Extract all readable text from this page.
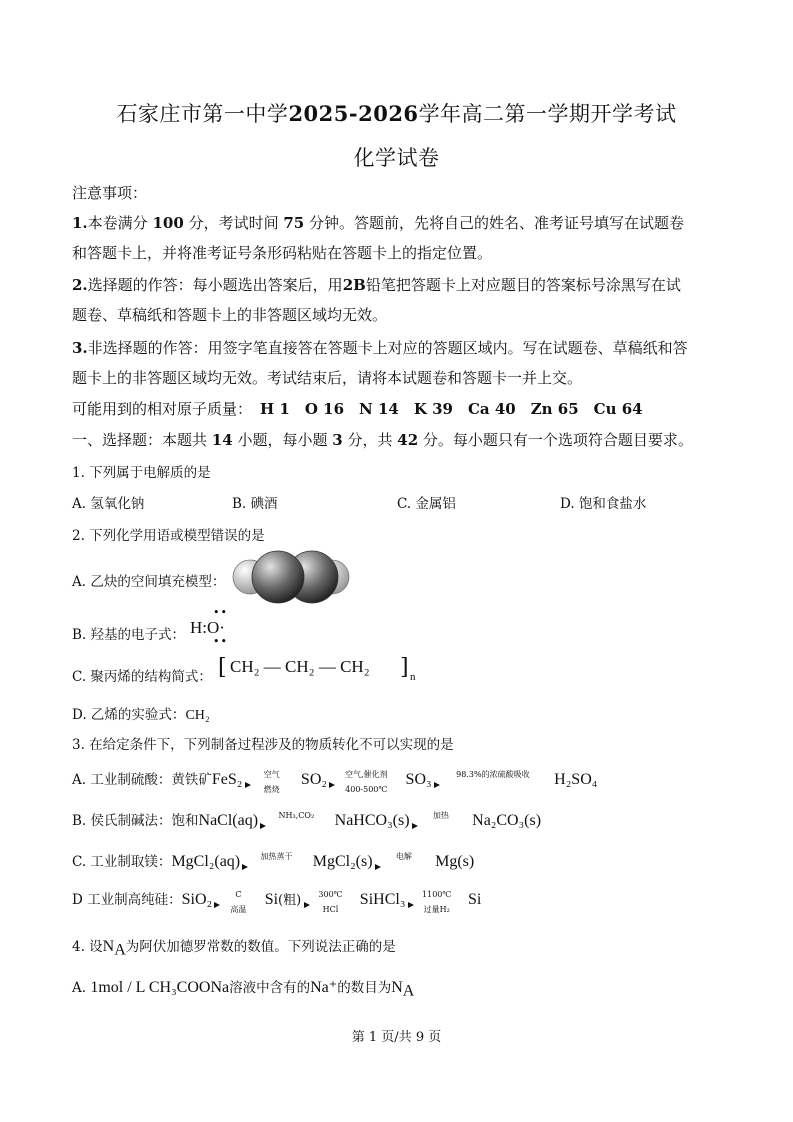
石家庄市第一中学2025-2026学年高二第一学期开学考试
化学试卷
注意事项：
1.本卷满分 100 分，考试时间 75 分钟。答题前，先将自己的姓名、准考证号填写在试题卷
和答题卡上，并将准考证号条形码粘贴在答题卡上的指定位置。
2.选择题的作答：每小题选出答案后，用2B铅笔把答题卡上对应题目的答案标号涂黑写在试
题卷、草稿纸和答题卡上的非答题区域均无效。
3.非选择题的作答：用签字笔直接答在答题卡上对应的答题区域内。写在试题卷、草稿纸和答
题卡上的非答题区域均无效。考试结束后，请将本试题卷和答题卡一并上交。
可能用到的相对原子质量： H 1　O 16　N 14　K 39　Ca 40　Zn 65　Cu 64
一、选择题：本题共 14 小题，每小题 3 分，共 42 分。每小题只有一个选项符合题目要求。
1. 下列属于电解质的是
A. 氢氧化钠	B. 碘酒	C. 金属铝	D. 饱和食盐水
2. 下列化学用语或模型错误的是
A. 乙炔的空间填充模型：
B. 羟基的电子式： H:O·
••
••
C. 聚丙烯的结构简式： [ CH₂ — CH₂ — CH₂ ] n
D. 乙烯的实验式：CH₂
3. 在给定条件下，下列制备过程涉及的物质转化不可以实现的是
A. 工业制硫酸：黄铁矿FeS₂	空气
燃烧
SO₂	空气,催化剂
400-500℃
SO₃	98.3%的浓硫酸吸收	H₂SO₄
B. 侯氏制碱法：饱和NaCl(aq)	NH₃,CO₂	NaHCO₃(s)	加热	Na₂CO₃(s)
C. 工业制取镁：MgCl₂(aq)	加热蒸干	MgCl₂(s)	电解	Mg(s)
D 工业制高纯硅：SiO₂	C
高温
Si(粗)	300℃
HCl
SiHCl₃	1100℃
过量H₂
Si
4. 设$N_A$为阿伏加德罗常数的数值。下列说法正确的是
A. 1mol / L CH₃COONa溶液中含有的Na⁺的数目为$N_A$
第 1 页/共 9 页
